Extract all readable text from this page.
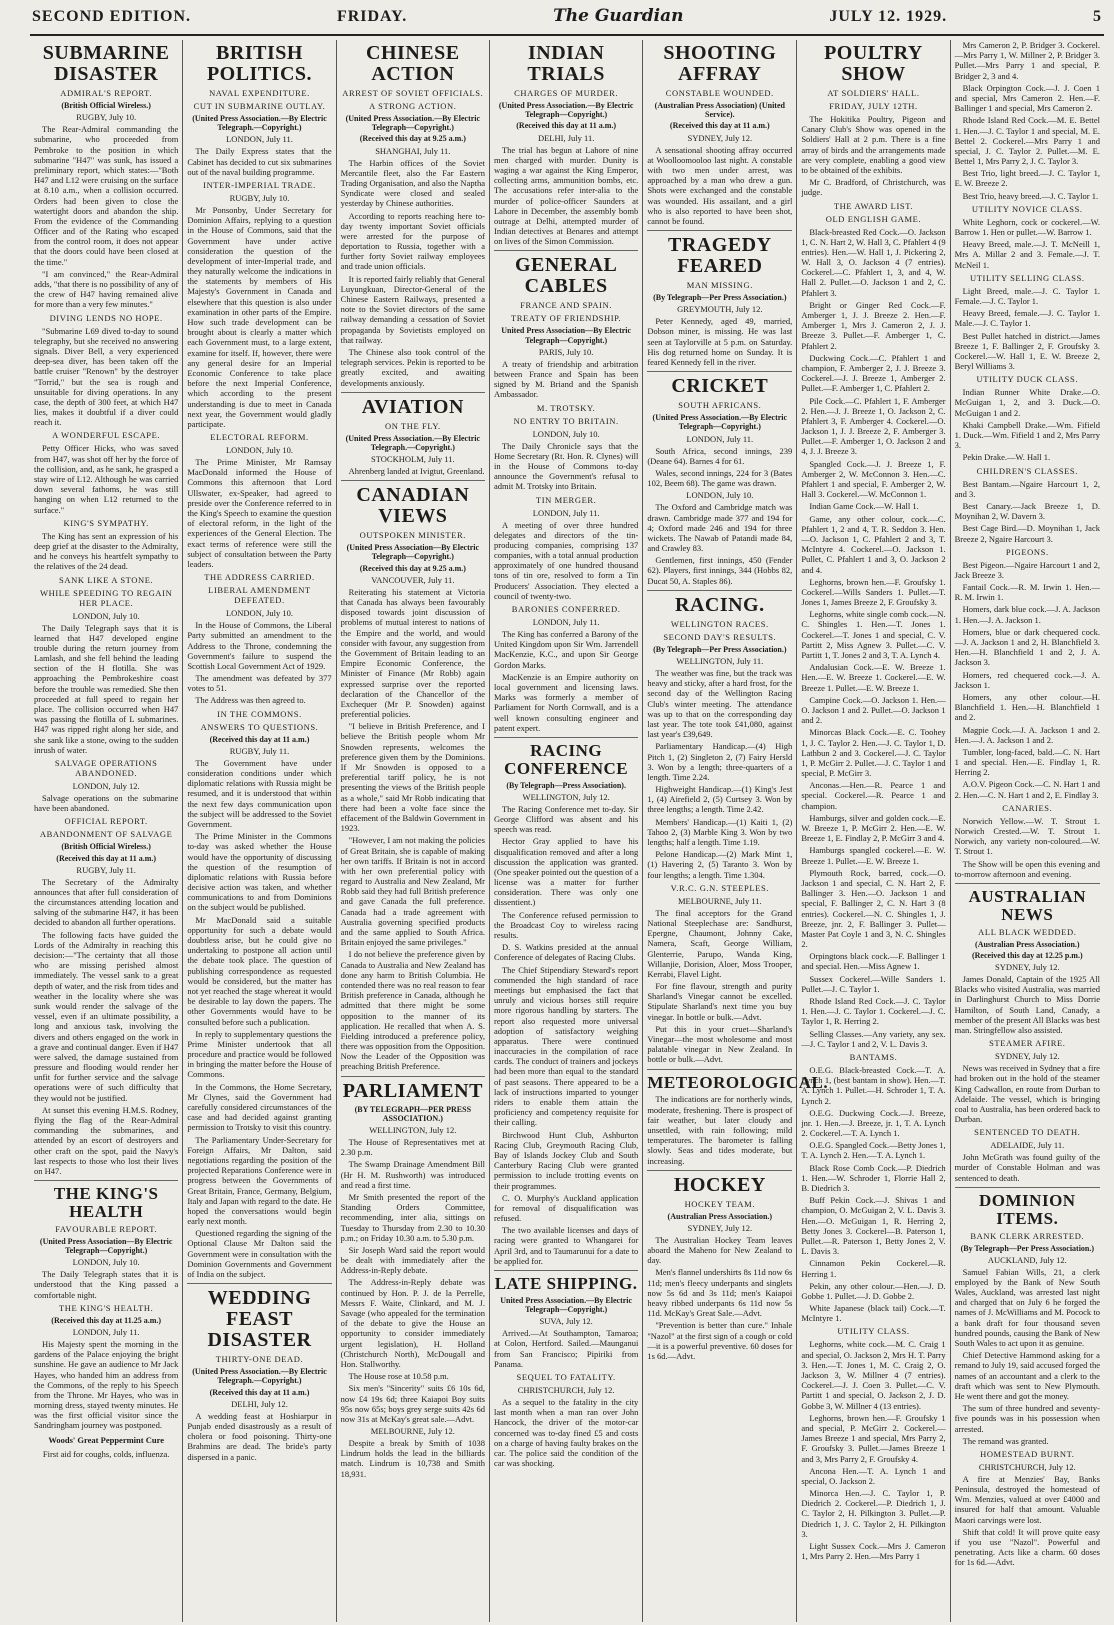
SECOND EDITION.	FRIDAY.	The Guardian	JULY 12. 1929.	5
SUBMARINE DISASTER
ADMIRAL'S REPORT.
(British Official Wireless.)
RUGBY, July 10.

The Rear-Admiral commanding the submarine, who proceeded from Pembroke to the position in which submarine "H47" was sunk, has issued a preliminary report, which states:—"Both H47 and L12 were cruising on the surface at 8.10 a.m., when a collision occurred. Orders had been given to close the watertight doors and abandon the ship. From the evidence of the Commanding Officer and of the Rating who escaped from the control room, it does not appear that the doors could have been closed at the time."

"I am convinced," the Rear-Admiral adds, "that there is no possibility of any of the crew of H47 having remained alive for more than a very few minutes."

DIVING LENDS NO HOPE.

"Submarine L69 dived to-day to sound telegraphy, but she received no answering signals. Diver Bell, a very experienced deep-sea diver, has been taken off the battle cruiser "Renown" by the destroyer "Torrid," but the sea is rough and unsuitable for diving operations. In any case, the depth of 300 feet, at which H47 lies, makes it doubtful if a diver could reach it.

A WONDERFUL ESCAPE.

Petty Officer Hicks, who was saved from H47, was shot off her by the force of the collision, and, as he sank, he grasped a stay wire of L12. Although he was carried down several fathoms, he was still hanging on when L12 returned to the surface."

KING'S SYMPATHY.

The King has sent an expression of his deep grief at the disaster to the Admiralty, and he conveys his heartfelt sympathy to the relatives of the 24 dead.

SANK LIKE A STONE.
WHILE SPEEDING TO REGAIN HER PLACE.
LONDON, July 10.

The Daily Telegraph says that it is learned that H47 developed engine trouble during the return journey from Lamlash, and she fell behind the leading section of the H flotilla. She was approaching the Pembrokeshire coast before the trouble was remedied. She then proceeded at full speed to regain her place. The collision occurred when H47 was passing the flotilla of L submarines. H47 was ripped right along her side, and she sank like a stone, owing to the sudden inrush of water.

SALVAGE OPERATIONS ABANDONED.
LONDON, July 12.

Salvage operations on the submarine have been abandoned.

OFFICIAL REPORT.
ABANDONMENT OF SALVAGE
(British Official Wireless.)
(Received this day at 11 a.m.)
RUGBY, July 11.

The Secretary of the Admiralty announces that after full consideration of the circumstances attending location and salving of the submarine H47, it has been decided to abandon all further operations.

The following facts have guided the Lords of the Admiralty in reaching this decision:—"The certainty that all those who are missing perished almost immediately. The vessel sank to a great depth of water, and the risk from tides and weather in the locality where she was sunk would render the salvage of the vessel, even if an ultimate possibility, a long and anxious task, involving the divers and others engaged on the work in a grave and continual danger. Even if H47 were salved, the damage sustained from pressure and flooding would render her unfit for further service and the salvage operations were of such difficulty that they would not be justified.

At sunset this evening H.M.S. Rodney, flying the flag of the Rear-Admiral commanding the submarines, and attended by an escort of destroyers and other craft on the spot, paid the Navy's last respects to those who lost their lives on H47.

THE KING'S HEALTH
FAVOURABLE REPORT.
(United Press Association—By Electric Telegraph—Copyright.)
LONDON, July 10.

The Daily Telegraph states that it is understood that the King passed a comfortable night.

THE KING'S HEALTH.
(Received this day at 11.25 a.m.)
LONDON, July 11.

His Majesty spent the morning in the gardens of the Palace enjoying the bright sunshine. He gave an audience to Mr Jack Hayes, who handed him an address from the Commons, of the reply to his Speech from the Throne. Mr Hayes, who was in morning dress, stayed twenty minutes. He was the first official visitor since the Sandringham journey was postponed.

Woods' Great Peppermint Cure
First aid for coughs, colds, influenza.
BRITISH POLITICS.
NAVAL EXPENDITURE.
CUT IN SUBMARINE OUTLAY.
(United Press Association.—By Electric Telegraph.—Copyright.)
LONDON, July 11.

The Daily Express states that the Cabinet has decided to cut six submarines out of the naval building programme.

INTER-IMPERIAL TRADE.
RUGBY, July 10.

Mr Ponsonby, Under Secretary for Dominion Affairs, replying to a question in the House of Commons, said that the Government have under active consideration the question of the development of inter-Imperial trade, and they naturally welcome the indications in the statements by members of His Majesty's Government in Canada and elsewhere that this question is also under examination in other parts of the Empire. How such trade development can be brought about is clearly a matter which each Government must, to a large extent, examine for itself. If, however, there were any general desire for an Imperial Economic Conference to take place before the next Imperial Conference, which according to the present understanding is due to meet in Canada next year, the Government would gladly participate.

ELECTORAL REFORM.
LONDON, July 10.

The Prime Minister, Mr Ramsay MacDonald informed the House of Commons this afternoon that Lord Ullswater, ex-Speaker, had agreed to preside over the Conference referred to in the King's Speech to examine the question of electoral reform, in the light of the experiences of the General Election. The exact terms of reference were still the subject of consultation between the Party leaders.

THE ADDRESS CARRIED.
LIBERAL AMENDMENT DEFEATED.
LONDON, July 10.

In the House of Commons, the Liberal Party submitted an amendment to the Address to the Throne, condemning the Government's failure to suspend the Scottish Local Government Act of 1929.

The amendment was defeated by 377 votes to 51.

The Address was then agreed to.

IN THE COMMONS.
ANSWERS TO QUESTIONS.
(Received this day at 11 a.m.)
RUGBY, July 11.

The Government have under consideration conditions under which diplomatic relations with Russia might be resumed, and it is understood that within the next few days communication upon the subject will be addressed to the Soviet Government.

The Prime Minister in the Commons to-day was asked whether the House would have the opportunity of discussing the question of the resumption of diplomatic relations with Russia before decisive action was taken, and whether communications to and from Dominions on the subject would be published.

Mr MacDonald said a suitable opportunity for such a debate would doubtless arise, but he could give no undertaking to postpone all action until the debate took place. The question of publishing correspondence as requested would be considered, but the matter has not yet reached the stage whereat it would be desirable to lay down the papers. The other Governments would have to be consulted before such a publication.

In reply to supplementary questions the Prime Minister undertook that all procedure and practice would be followed in bringing the matter before the House of Commons.

In the Commons, the Home Secretary, Mr Clynes, said the Government had carefully considered circumstances of the case and had decided against granting permission to Trotsky to visit this country.

The Parliamentary Under-Secretary for Foreign Affairs, Mr Dalton, said negotiations regarding the position of the projected Reparations Conference were in progress between the Governments of Great Britain, France, Germany, Belgium, Italy and Japan with regard to the date. He hoped the conversations would begin early next month.

Questioned regarding the signing of the Optional Clause Mr Dalton said the Government were in consultation with the Dominion Governments and Government of India on the subject.

WEDDING FEAST DISASTER
THIRTY-ONE DEAD.
(United Press Association.—By Electric Telegraph.—Copyright.)
(Received this day at 11 a.m.)
DELHI, July 12.

A wedding feast at Hoshiarpur in Punjab ended disastrously as a result of cholera or food poisoning. Thirty-one Brahmins are dead. The bride's party dispersed in a panic.

CHINESE ACTION
ARREST OF SOVIET OFFICIALS.
A STRONG ACTION.
(United Press Association.—By Electric Telegraph—Copyright.)
(Received this day at 9.25 a.m.)
SHANGHAI, July 11.

The Harbin offices of the Soviet Mercantile fleet, also the Far Eastern Trading Organisation, and also the Naptha Syndicate were closed and sealed yesterday by Chinese authorities.

According to reports reaching here to-day twenty important Soviet officials were arrested for the purpose of deportation to Russia, together with a further forty Soviet railway employees and trade union officials.

It is reported fairly reliably that General Luyungkuan, Director-General of the Chinese Eastern Railways, presented a note to the Soviet directors of the same railway demanding a cessation of Soviet propaganda by Sovietists employed on that railway.

The Chinese also took control of the telegraph services. Pekin is reported to be greatly excited, and awaiting developments anxiously.

AVIATION
ON THE FLY.
(United Press Association.—By Electric Telegraph.—Copyright.)
STOCKHOLM, July 11.

Ahrenberg landed at Ivigtut, Greenland.

CANADIAN VIEWS
OUTSPOKEN MINISTER.
(United Press Association—By Electric Telegraph—Copyright.)
(Received this day at 9.25 a.m.)
VANCOUVER, July 11.

Reiterating his statement at Victoria that Canada has always been favourably disposed towards joint discussion of problems of mutual interest to nations of the Empire and the world, and would consider with favour, any suggestion from the Government of Britain leading to an Empire Economic Conference, the Minister of Finance (Mr Robb) again expressed surprise over the reported declaration of the Chancellor of the Exchequer (Mr P. Snowden) against preferential policies.

"I believe in British Preference, and I believe the British people whom Mr Snowden represents, welcomes the preference given them by the Dominions. If Mr Snowden is opposed to a preferential tariff policy, he is not presenting the views of the British people as a whole," said Mr Robb indicating that there had been a volte face since the effacement of the Baldwin Government in 1923.

"However, I am not making the policies of Great Britain, she is capable of making her own tariffs. If Britain is not in accord with her own preferential policy with regard to Australia and New Zealand, Mr Robb said they had full British preference and gave Canada the full preference. Canada had a trade agreement with Australia governing specified products and the same applied to South Africa. Britain enjoyed the same privileges."

I do not believe the preference given by Canada to Australia and New Zealand has done any harm to British Columbia. He contended there was no real reason to fear British preference in Canada, although he admitted that there might be some opposition to the manner of its application. He recalled that when A. S. Fielding introduced a preference policy, there was opposition from the Opposition. Now the Leader of the Opposition was preaching British Preference.

PARLIAMENT
(BY TELEGRAPH—PER PRESS ASSOCIATION.)
WELLINGTON, July 12.

The House of Representatives met at 2.30 p.m.

The Swamp Drainage Amendment Bill (Hr H. M. Rushworth) was introduced and read a first time.

Mr Smith presented the report of the Standing Orders Committee, recommending, inter alia, sittings on Tuesday to Thursday from 2.30 to 10.30 p.m.; on Friday 10.30 a.m. to 5.30 p.m.

Sir Joseph Ward said the report would be dealt with immediately after the Address-in-Reply debate.

The Address-in-Reply debate was continued by Hon. P. J. de la Perrelle, Messrs F. Waite, Clinkard, and M. J. Savage (who appealed for the termination of the debate to give the House an opportunity to consider immediately urgent legislation), H. Holland (Christchurch North), McDougall and Hon. Stallworthy.

The House rose at 10.58 p.m.

Six men's "Sincerity" suits £6 10s 6d, now £4 19s 6d; three Kaiapoi Boy suits 95s now 65s; boys grey serge suits 42s 6d now 31s at McKay's great sale.—Advt.

MELBOURNE, July 12.

Despite a break by Smith of 1038 Lindrum holds the lead in the billiards match. Lindrum is 10,738 and Smith 18,931.

INDIAN TRIALS
CHARGES OF MURDER.
(United Press Association.—By Electric Telegraph—Copyright.)
(Received this day at 11 a.m.)
DELHI, July 11.

The trial has begun at Lahore of nine men charged with murder. Dunity is waging a war against the King Emperor, collecting arms, ammunition bombs, etc. The accusations refer inter-alia to the murder of police-officer Saunders at Lahore in December, the assembly bomb outrage at Delhi, attempted murder of Indian detectives at Benares and attempt on lives of the Simon Commission.

GENERAL CABLES
FRANCE AND SPAIN.
TREATY OF FRIENDSHIP.
United Press Association—By Electric Telegraph—Copyright.)
PARIS, July 10.

A treaty of friendship and arbitration between France and Spain has been signed by M. Briand and the Spanish Ambassador.

M. TROTSKY.
NO ENTRY TO BRITAIN.
LONDON, July 10.

The Daily Chronicle says that the Home Secretary (Rt. Hon. R. Clynes) will in the House of Commons to-day announce the Government's refusal to admit M. Trotsky into Britain.

TIN MERGER.
LONDON, July 11.

A meeting of over three hundred delegates and directors of the tin-producing companies, comprising 137 companies, with a total annual production approximately of one hundred thousand tons of tin ore, resolved to form a Tin Producers' Association. They elected a council of twenty-two.

BARONIES CONFERRED.
LONDON, July 11.

The King has conferred a Barony of the United Kingdom upon Sir Wm. Jarrendell MacKenzie, K.C., and upon Sir George Gordon Marks.

MacKenzie is an Empire authority on local government and licensing laws. Marks was formerly a member of Parliament for North Cornwall, and is a well known consulting engineer and patent expert.

RACING CONFERENCE
(By Telegraph—Press Association).
WELLINGTON, July 12.

The Racing Conference met to-day. Sir George Clifford was absent and his speech was read.

Hector Gray applied to have his disqualification removed and after a long discussion the application was granted. (One speaker pointed out the question of a license was a matter for further consideration. There was only one dissentient.)

The Conference refused permission to the Broadcast Coy to wireless racing results.

D. S. Watkins presided at the annual Conference of delegates of Racing Clubs.

The Chief Stipendiary Steward's report commended the high standard of race meetings but emphasised the fact that unruly and vicious horses still require more rigorous handling by starters. The report also requested more universal adoption of satisfactory weighing apparatus. There were continued inaccuracies in the compilation of race cards. The conduct of trainers and jockeys had been more than equal to the standard of past seasons. There appeared to be a lack of instructions imparted to younger riders to enable them attain the proficiency and competency requisite for their calling.

Birchwood Hunt Club, Ashburton Racing Club, Greymouth Racing Club, Bay of Islands Jockey Club and South Canterbury Racing Club were granted permission to include trotting events on their programmes.

C. O. Murphy's Auckland application for removal of disqualification was refused.

The two available licenses and days of racing were granted to Whangarei for April 3rd, and to Taumarunui for a date to be applied for.

LATE SHIPPING.
United Press Association.—By Electric Telegraph—Copyright.)
SUVA, July 12.

Arrived.—At Southampton, Tamaroa; at Colon, Hertford. Sailed.—Maunganui from San Francisco; Pipiriki from Panama.

SEQUEL TO FATALITY.
CHRISTCHURCH, July 12.

As a sequel to the fatality in the city last month when a man ran over John Hancock, the driver of the motor-car concerned was to-day fined £5 and costs on a charge of having faulty brakes on the car. The police said the condition of the car was shocking.

SHOOTING AFFRAY
CONSTABLE WOUNDED.
(Australian Press Association) (United Service).
(Received this day at 11 a.m.)
SYDNEY, July 12.

A sensational shooting affray occurred at Woolloomooloo last night. A constable with two men under arrest, was approached by a man who drew a gun. Shots were exchanged and the constable was wounded. His assailant, and a girl who is also reported to have been shot, cannot be found.

TRAGEDY FEARED
MAN MISSING.
(By Telegraph—Per Press Association.)
GREYMOUTH, July 12.

Peter Kennedy, aged 49, married, Dobson miner, is missing. He was last seen at Taylorville at 5 p.m. on Saturday. His dog returned home on Sunday. It is feared Kennedy fell in the river.

CRICKET
SOUTH AFRICANS.
(United Press Association.—By Electric Telegraph—Copyright.)
LONDON, July 11.

South Africa, second innings, 239 (Deane 64). Barnes 4 for 61.

Wales, second innings, 224 for 3 (Bates 102, Beem 68). The game was drawn.

LONDON, July 10.

The Oxford and Cambridge match was drawn. Cambridge made 377 and 194 for 4; Oxford made 246 and 194 for three wickets. The Nawab of Patandi made 84, and Crawley 83.

Gentlemen, first innings, 450 (Fender 62). Players, first innings, 344 (Hobbs 82, Ducat 50, A. Staples 86).

RACING.
WELLINGTON RACES.
SECOND DAY'S RESULTS.
(By Telegraph—Per Press Association.)
WELLINGTON, July 11.

The weather was fine, but the track was heavy and sticky, after a hard frost, for the second day of the Wellington Racing Club's winter meeting. The attendance was up to that on the corresponding day last year. The tote took £41,080, against last year's £39,649.

Parliamentary Handicap.—(4) High Pitch 1, (2) Singleton 2, (7) Fairy Hersld 3. Won by a length; three-quarters of a length. Time 2.24.

Highweight Handicap.—(1) King's Jest 1, (4) Airefield 2, (5) Curtsey 3. Won by three lengths; a length. Time 2.42.

Members' Handicap.—(1) Kaiti 1, (2) Tahoo 2, (3) Marble King 3. Won by two lengths; half a length. Time 1.19.

Pelone Handicap.—(2) Mark Mint 1, (1) Havering 2, (5) Taranto 3. Won by four lengths; a length. Time 1.304.

V.R.C. G.N. STEEPLES.
MELBOURNE, July 11.

The final acceptors for the Grand National Steeplechase are: Sandhurst, Epergne, Chaumont, Johnny Cake, Namera, Scaft, George William, Glenterrie, Parupo, Wanda King, Willanjie, Dorision, Aloer, Moss Trooper, Kerrabi, Flavel Light.

For fine flavour, strength and purity Sharland's Vinegar cannot be excelled. Stipulate Sharland's next time you buy vinegar. In bottle or bulk.—Advt.

Put this in your cruet—Sharland's Vinegar—the most wholesome and most palatable vinegar in New Zealand. In bottle or bulk.—Advt.

METEOROLOGICAL.

The indications are for northerly winds, moderate, freshening. There is prospect of fair weather, but later cloudy and unsettled, with rain following; mild temperatures. The barometer is falling slowly. Seas and tides moderate, but increasing.

HOCKEY
HOCKEY TEAM.
(Australian Press Association.)
SYDNEY, July 12.

The Australian Hockey Team leaves aboard the Maheno for New Zealand to day.

Men's flannel undershirts 8s 11d now 6s 11d; men's fleecy underpants and singlets now 5s 6d and 3s 11d; men's Kaiapoi heavy ribbed underpants 6s 11d now 5s 11d. McKay's Great Sale.—Advt.

"Prevention is better than cure." Inhale "Nazol" at the first sign of a cough or cold—it is a powerful preventive. 60 doses for 1s 6d.—Advt.

POULTRY SHOW
AT SOLDIERS' HALL.
FRIDAY, JULY 12TH.

The Hokitika Poultry, Pigeon and Canary Club's Show was opened in the Soldiers' Hall at 2 p.m. There is a fine array of birds and the arrangements made are very complete, enabling a good view to be obtained of the exhibits.

Mr C. Bradford, of Christchurch, was judge.

THE AWARD LIST.
OLD ENGLISH GAME.

Black-breasted Red Cock.—O. Jackson 1, C. N. Hart 2, W. Hall 3, C. Pfahlert 4 (9 entries). Hen.—W. Hall 1, J. Pickering 2, W. Hall 3, O. Jackson 4 (7 entries). Cockerel.—C. Pfahlert 1, 3, and 4, W. Hall 2. Pullet.—O. Jackson 1 and 2, C. Pfahlert 3.

Bright or Ginger Red Cock.—F. Amberger 1, J. J. Breeze 2. Hen.—F. Amberger 1, Mrs J. Cameron 2, J. J. Breeze 3. Pullet.—F. Amberger 1, C. Pfahlert 2.

Duckwing Cock.—C. Pfahlert 1 and champion, F. Amberger 2, J. J. Breeze 3. Cockerel.—J. J. Breeze 1, Amberger 2. Pullet.—F. Amberger 1, C. Pfahlert 2.

Pile Cock.—C. Pfahlert 1, F. Amberger 2. Hen.—J. J. Breeze 1, O. Jackson 2, C. Pfahlert 3, F. Amberger 4. Cockerel.—O. Jackson 1, J. J. Breeze 2, F. Amberger 3. Pullet.—F. Amberger 1, O. Jackson 2 and 4, J. J. Breeze 3.

Spangled Cock.—J. J. Breeze 1, F. Amberger 2, W. McConnon 3. Hen.—C. Pfahlert 1 and special, F. Amberger 2, W. Hall 3. Cockerel.—W. McConnon 1.

Indian Game Cock.—W. Hall 1.

Game, any other colour, cock.—C. Pfahlert 1, 2 and 4, T. R. Seddon 3. Hen.—O. Jackson 1, C. Pfahlert 2 and 3, T. McIntyre 4. Cockerel.—O. Jackson 1. Pullet, C. Pfahlert 1 and 3, O. Jackson 2 and 4.

Leghorns, brown hen.—F. Groufsky 1. Cockerel.—Wills Sanders 1. Pullet.—T. Jones 1, James Breeze 2, F. Groufsky 3.

Leghorns, white single comb cock.—N. C. Shingles 1. Hen.—T. Jones 1. Cockerel.—T. Jones 1 and special, C. V. Partitt 2, Miss Agnew 3. Pullet.—C. V. Partitt 1, T. Jones 2 and 3, T. A. Lynch 4.

Andalusian Cock.—E. W. Breeze 1. Hen.—E. W. Breeze 1. Cockerel.—E. W. Breeze 1. Pullet.—E. W. Breeze 1.

Campine Cock.—O. Jackson 1. Hen.—O. Jackson 1 and 2. Pullet.—O. Jackson 1 and 2.

Minorcas Black Cock.—E. C. Toohey 1, J. C. Taylor 2. Hen.—J. C. Taylor 1, D. Lathbun 2 and 3. Cockerel.—J. C. Taylor 1, P. McGirr 2. Pullet.—J. C. Taylor 1 and special, P. McGirr 3.

Anconas.—Hen.—R. Pearce 1 and special. Cockerel.—R. Pearce 1 and champion.

Hamburgs, silver and golden cock.—E. W. Breeze 1, P. McGirr 2. Hen.—E. W. Breeze 1, E. Findlay 2, P. McGirr 3 and 4.

Hamburgs spangled cockerel.—E. W. Breeze 1. Pullet.—E. W. Breeze 1.

Plymouth Rock, barred, cock.—O. Jackson 1 and special, C. N. Hart 2, F. Ballinger 3. Hen.—O. Jackson 1 and special, F. Ballinger 2, C. N. Hart 3 (8 entries). Cockerel.—N. C. Shingles 1, J. Breeze, jnr. 2, F. Ballinger 3. Pullet—Master Pat Coyle 1 and 3, N. C. Shingles 2.

Orpingtons black cock.—F. Ballinger 1 and special. Hen.—Miss Agnew 1.

Sussex Cockerel.—Wille Sanders 1. Pullet.—J. C. Taylor 1.

Rhode Island Red Cock.—J. C. Taylor 1. Hen.—J. C. Taylor 1. Cockerel.—J. C. Taylor 1, R. Herring 2.

Selling Classes.—Any variety, any sex.—J. C. Taylor 1 and 2, V. L. Davis 3.

BANTAMS.

O.E.G. Black-breasted Cock.—T. A. Lynch 1, (best bantam in show). Hen.—T. A. Lynch 1. Pullet.—H. Schroder 1, T. A. Lynch 2.

O.E.G. Duckwing Cock.—J. Breeze, jnr. 1. Hen.—J. Breeze, jr. 1, T. A. Lynch 2. Cockerel.—T. A. Lynch 1.

O.E.G. Spangled Cock.—Betty Jones 1, T. A. Lynch 2. Hen.—T. A. Lynch 1.

Black Rose Comb Cock.—P. Diedrich 1. Hen.—W. Schroder 1, Florrie Hall 2, B. Diedrich 3.

Buff Pekin Cock.—J. Shivas 1 and champion, O. McGuigan 2, V. L. Davis 3. Hen.—O. McGuigan 1, R. Herring 2, Betty Jones 3. Cockerel—B. Paterson 1, Pullet.—R. Paterson 1, Betty Jones 2, V. L. Davis 3.

Cinnamon Pekin Cockerel.—R. Herring 1.

Pekin, any other colour.—Hen.—J. D. Gobbe 1. Pullet.—J. D. Gobbe 2.

White Japanese (black tail) Cock.—T. McIntyre 1.

UTILITY CLASS.

Leghorns, white cock.—M. C. Craig 1 and special, O. Jackson 2, Mrs H. T. Parry 3. Hen.—T. Jones 1, M. C. Craig 2, O. Jackson 3, W. Millner 4 (7 entries). Cockerel.—J. J. Coen 3. Pullet.—C. V. Partitt 1 and special, O. Jackson 2, J. D. Gobbe 3, W. Millner 4 (13 entries).

Leghorns, brown hen.—F. Groufsky 1 and special, P. McGirr 2. Cockerel.—James Breeze 1 and special, Mrs Parry 2, F. Groufsky 3. Pullet.—James Breeze 1 and 3, Mrs Parry 2, F. Groufsky 4.

Ancona Hen.—T. A. Lynch 1 and special, O. Jackson 2.

Minorca Hen.—J. C. Taylor 1, P. Diedrich 2. Cockerel.—P. Diedrich 1, J. C. Taylor 2, H. Pilkington 3. Pullet.—P. Diedrich 1, J. C. Taylor 2, H. Pilkington 3.

Light Sussex Cock.—Mrs J. Cameron 1, Mrs Parry 2. Hen.—Mrs Parry 1

Mrs Cameron 2, P. Bridger 3. Cockerel.—Mrs Parry 1, W. Millner 2, P. Bridger 3. Pullet.—Mrs Parry 1 and special, P. Bridger 2, 3 and 4.

Black Orpington Cock.—J. J. Coen 1 and special, Mrs Cameron 2. Hen.—F. Ballinger 1 and special, Mrs Cameron 2.

Rhode Island Red Cock.—M. E. Bettel 1. Hen.—J. C. Taylor 1 and special, M. E. Bettel 2. Cockerel.—Mrs Parry 1 and special, J. C. Taylor 2. Pullet.—M. E. Bettel 1, Mrs Parry 2, J. C. Taylor 3.

Best Trio, light breed.—J. C. Taylor 1, E. W. Breeze 2.

Best Trio, heavy breed.—J. C. Taylor 1.

UTILITY NOVICE CLASS.

White Leghorn, cock or cockerel.—W. Barrow 1. Hen or pullet.—W. Barrow 1.

Heavy Breed, male.—J. T. McNeill 1, Mrs A. Millar 2 and 3. Female.—J. T. McNeil 1.

UTILITY SELLING CLASS.

Light Breed, male.—J. C. Taylor 1. Female.—J. C. Taylor 1.

Heavy Breed, female.—J. C. Taylor 1. Male.—J. C. Taylor 1.

Best Pullet hatched in district.—James Breeze 1, F. Ballinger 2, F. Groufsky 3. Cockerel.—W. Hall 1, E. W. Breeze 2, Beryl Williams 3.

UTILITY DUCK CLASS.

Indian Runner White Drake.—O. McGuigan 1, 2, and 3. Duck.—O. McGuigan 1 and 2.

Khaki Campbell Drake.—Wm. Fifield 1. Duck.—Wm. Fifield 1 and 2, Mrs Parry 3.

Pekin Drake.—W. Hall 1.

CHILDREN'S CLASSES.

Best Bantam.—Ngaire Harcourt 1, 2, and 3.

Best Canary.—Jack Breeze 1, D. Moynihan 2, W. Davern 3.

Best Cage Bird.—D. Moynihan 1, Jack Breeze 2, Ngaire Harcourt 3.

PIGEONS.

Best Pigeon.—Ngaire Harcourt 1 and 2, Jack Breeze 3.

Fantail Cock.—R. M. Irwin 1. Hen.—R. M. Irwin 1.

Homers, dark blue cock.—J. A. Jackson 1. Hen.—J. A. Jackson 1.

Homers, blue or dark chequered cock.—J. A. Jackson 1 and 2, H. Blanchfield 3. Hen.—H. Blanchfield 1 and 2, J. A. Jackson 3.

Homers, red chequered cock.—J. A. Jackson 1.

Homers, any other colour.—H. Blanchfield 1. Hen.—H. Blanchfield 1 and 2.

Magpie Cock.—J. A. Jackson 1 and 2. Hen.—J. A. Jackson 1 and 2.

Tumbler, long-faced, bald.—C. N. Hart 1 and special. Hen.—E. Findlay 1, R. Herring 2.

A.O.V. Pigeon Cock.—C. N. Hart 1 and 2. Hen.—C. N. Hart 1 and 2, E. Findlay 3.

CANARIES.

Norwich Yellow.—W. T. Strout 1. Norwich Crested.—W. T. Strout 1. Norwich, any variety non-coloured.—W. T. Strout 1.

The Show will be open this evening and to-morrow afternoon and evening.

AUSTRALIAN NEWS
ALL BLACK WEDDED.
(Australian Press Association.)
(Received this day at 12.25 p.m.)
SYDNEY, July 12.

James Donald, Captain of the 1925 All Blacks who visited Australia, was married in Darlinghurst Church to Miss Dorrie Hamilton, of South Land, Canady, a member of the present All Blacks was best man. Stringfellow also assisted.

STEAMER AFIRE.
SYDNEY, July 12.

News was received in Sydney that a fire had broken out in the hold of the steamer King Cadwallon, en route from Durban to Adelaide. The vessel, which is bringing coal to Australia, has been ordered back to Durban.

SENTENCED TO DEATH.
ADELAIDE, July 11.

John McGrath was found guilty of the murder of Constable Holman and was sentenced to death.

DOMINION ITEMS.
BANK CLERK ARRESTED.
(By Telegraph—Per Press Association.)
AUCKLAND, July 12.

Samuel Fabian Wills, 21, a clerk employed by the Bank of New South Wales, Auckland, was arrested last night and charged that on July 6 he forged the names of J. McWilliams and M. Pocock to a bank draft for four thousand seven hundred pounds, causing the Bank of New South Wales to act upon it as genuine.

Chief Detective Hammond asking for a remand to July 19, said accused forged the names of an accountant and a clerk to the draft which was sent to New Plymouth. He went there and got the money.

The sum of three hundred and seventy-five pounds was in his possession when arrested.

The remand was granted.

HOMESTEAD BURNT.
CHRISTCHURCH, July 12.

A fire at Menzies' Bay, Banks Peninsula, destroyed the homestead of Wm. Menzies, valued at over £4000 and insured for half that amount. Valuable Maori carvings were lost.

Shift that cold! It will prove quite easy if you use "Nazol". Powerful and penetrating. Acts like a charm. 60 doses for 1s 6d.—Advt.
